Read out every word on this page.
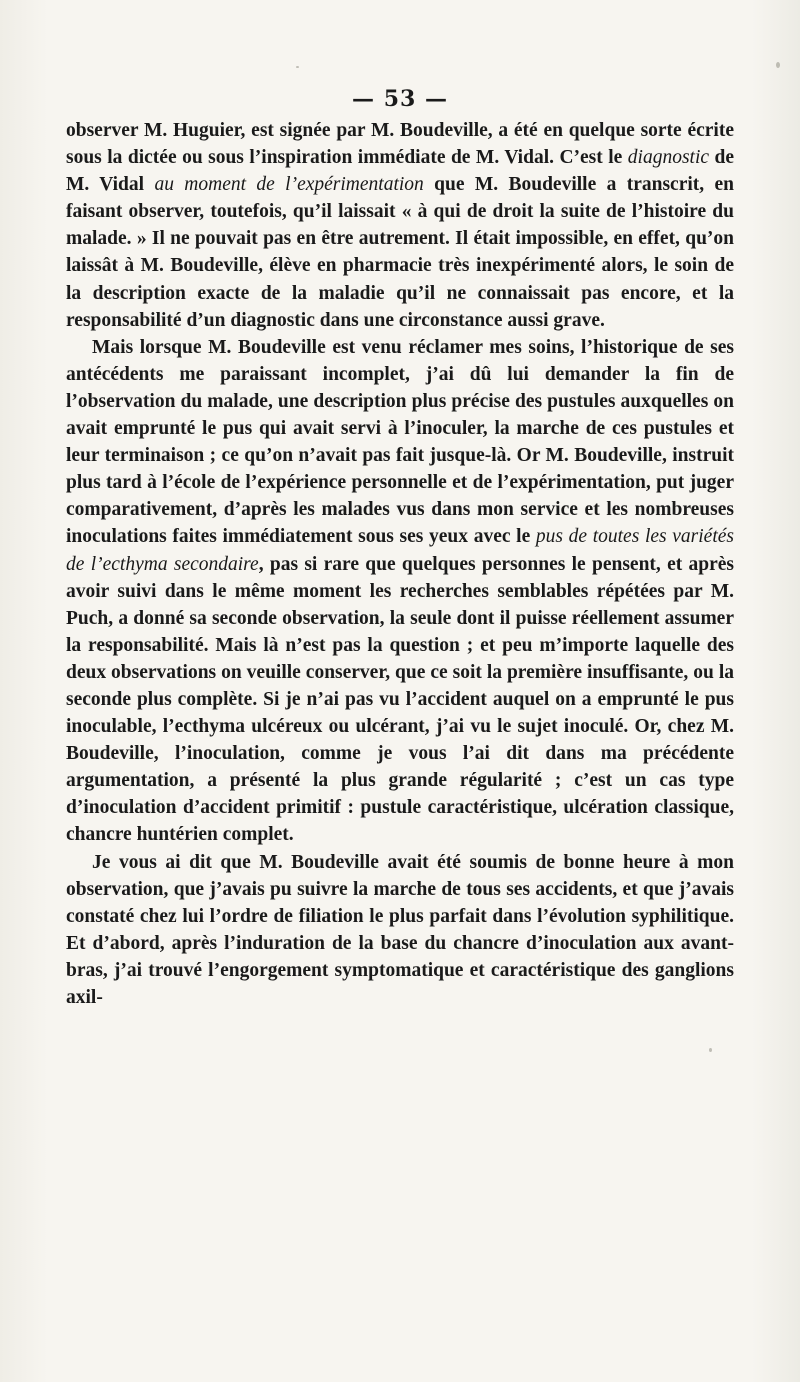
— 53 —

observer M. Huguier, est signée par M. Boudeville, a été en quelque sorte écrite sous la dictée ou sous l’inspiration immédiate de M. Vidal. C’est le diagnostic de M. Vidal au moment de l’expérimentation que M. Boudeville a transcrit, en faisant observer, toutefois, qu’il laissait « à qui de droit la suite de l’histoire du malade. » Il ne pouvait pas en être autrement. Il était impossible, en effet, qu’on laissât à M. Boudeville, élève en pharmacie très inexpérimenté alors, le soin de la description exacte de la maladie qu’il ne connaissait pas encore, et la responsabilité d’un diagnostic dans une circonstance aussi grave.

Mais lorsque M. Boudeville est venu réclamer mes soins, l’historique de ses antécédents me paraissant incomplet, j’ai dû lui demander la fin de l’observation du malade, une description plus précise des pustules auxquelles on avait emprunté le pus qui avait servi à l’inoculer, la marche de ces pustules et leur terminaison ; ce qu’on n’avait pas fait jusque-là. Or M. Boudeville, instruit plus tard à l’école de l’expérience personnelle et de l’expérimentation, put juger comparativement, d’après les malades vus dans mon service et les nombreuses inoculations faites immédiatement sous ses yeux avec le pus de toutes les variétés de l’ecthyma secondaire, pas si rare que quelques personnes le pensent, et après avoir suivi dans le même moment les recherches semblables répétées par M. Puch, a donné sa seconde observation, la seule dont il puisse réellement assumer la responsabilité. Mais là n’est pas la question ; et peu m’importe laquelle des deux observations on veuille conserver, que ce soit la première insuffisante, ou la seconde plus complète. Si je n’ai pas vu l’accident auquel on a emprunté le pus inoculable, l’ecthyma ulcéreux ou ulcérant, j’ai vu le sujet inoculé. Or, chez M. Boudeville, l’inoculation, comme je vous l’ai dit dans ma précédente argumentation, a présenté la plus grande régularité ; c’est un cas type d’inoculation d’accident primitif : pustule caractéristique, ulcération classique, chancre huntérien complet.

Je vous ai dit que M. Boudeville avait été soumis de bonne heure à mon observation, que j’avais pu suivre la marche de tous ses accidents, et que j’avais constaté chez lui l’ordre de filiation le plus parfait dans l’évolution syphilitique. Et d’abord, après l’induration de la base du chancre d’inoculation aux avant-bras, j’ai trouvé l’engorgement symptomatique et caractéristique des ganglions axil-
